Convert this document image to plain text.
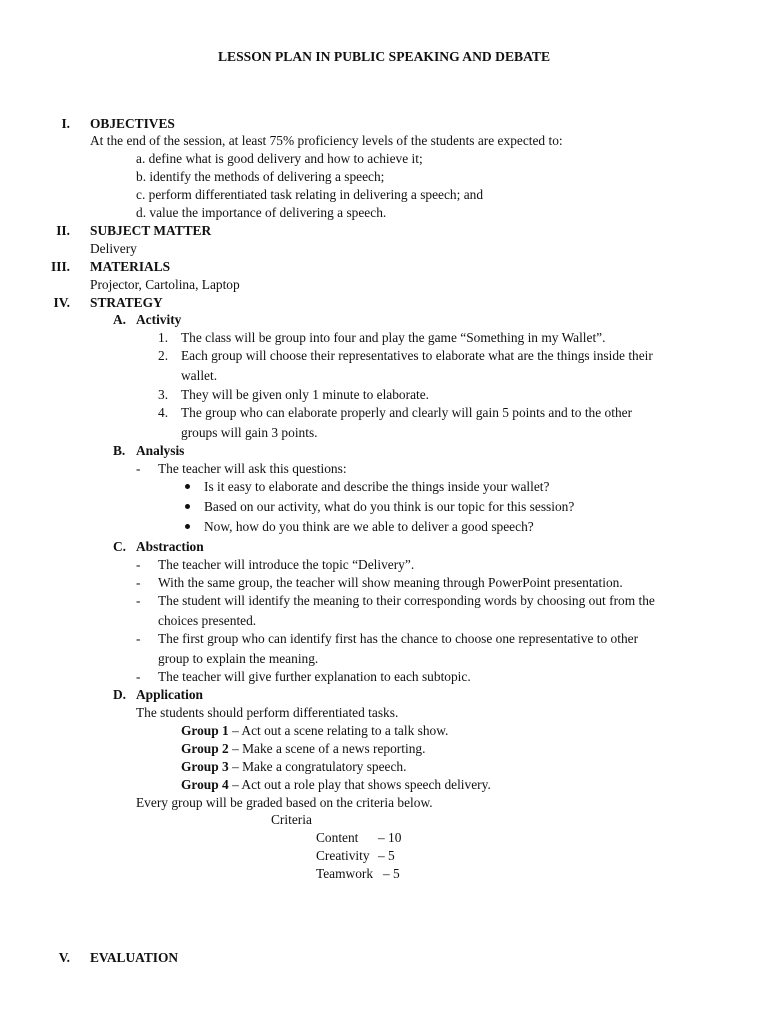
LESSON PLAN IN PUBLIC SPEAKING AND DEBATE
I. OBJECTIVES
At the end of the session, at least 75% proficiency levels of the students are expected to:
a. define what is good delivery and how to achieve it;
b. identify the methods of delivering a speech;
c. perform differentiated task relating in delivering a speech; and
d. value the importance of delivering a speech.
II. SUBJECT MATTER
Delivery
III. MATERIALS
Projector, Cartolina, Laptop
IV. STRATEGY
A. Activity
1. The class will be group into four and play the game “Something in my Wallet”.
2. Each group will choose their representatives to elaborate what are the things inside their
wallet.
3. They will be given only 1 minute to elaborate.
4. The group who can elaborate properly and clearly will gain 5 points and to the other
groups will gain 3 points.
B. Analysis
- The teacher will ask this questions:
Is it easy to elaborate and describe the things inside your wallet?
Based on our activity, what do you think is our topic for this session?
Now, how do you think are we able to deliver a good speech?
C. Abstraction
- The teacher will introduce the topic “Delivery”.
- With the same group, the teacher will show meaning through PowerPoint presentation.
- The student will identify the meaning to their corresponding words by choosing out from the
choices presented.
- The first group who can identify first has the chance to choose one representative to other
group to explain the meaning.
- The teacher will give further explanation to each subtopic.
D. Application
The students should perform differentiated tasks.
Group 1 – Act out a scene relating to a talk show.
Group 2 – Make a scene of a news reporting.
Group 3 – Make a congratulatory speech.
Group 4 – Act out a role play that shows speech delivery.
Every group will be graded based on the criteria below.
Criteria
Content – 10
Creativity – 5
Teamwork – 5
V. EVALUATION
